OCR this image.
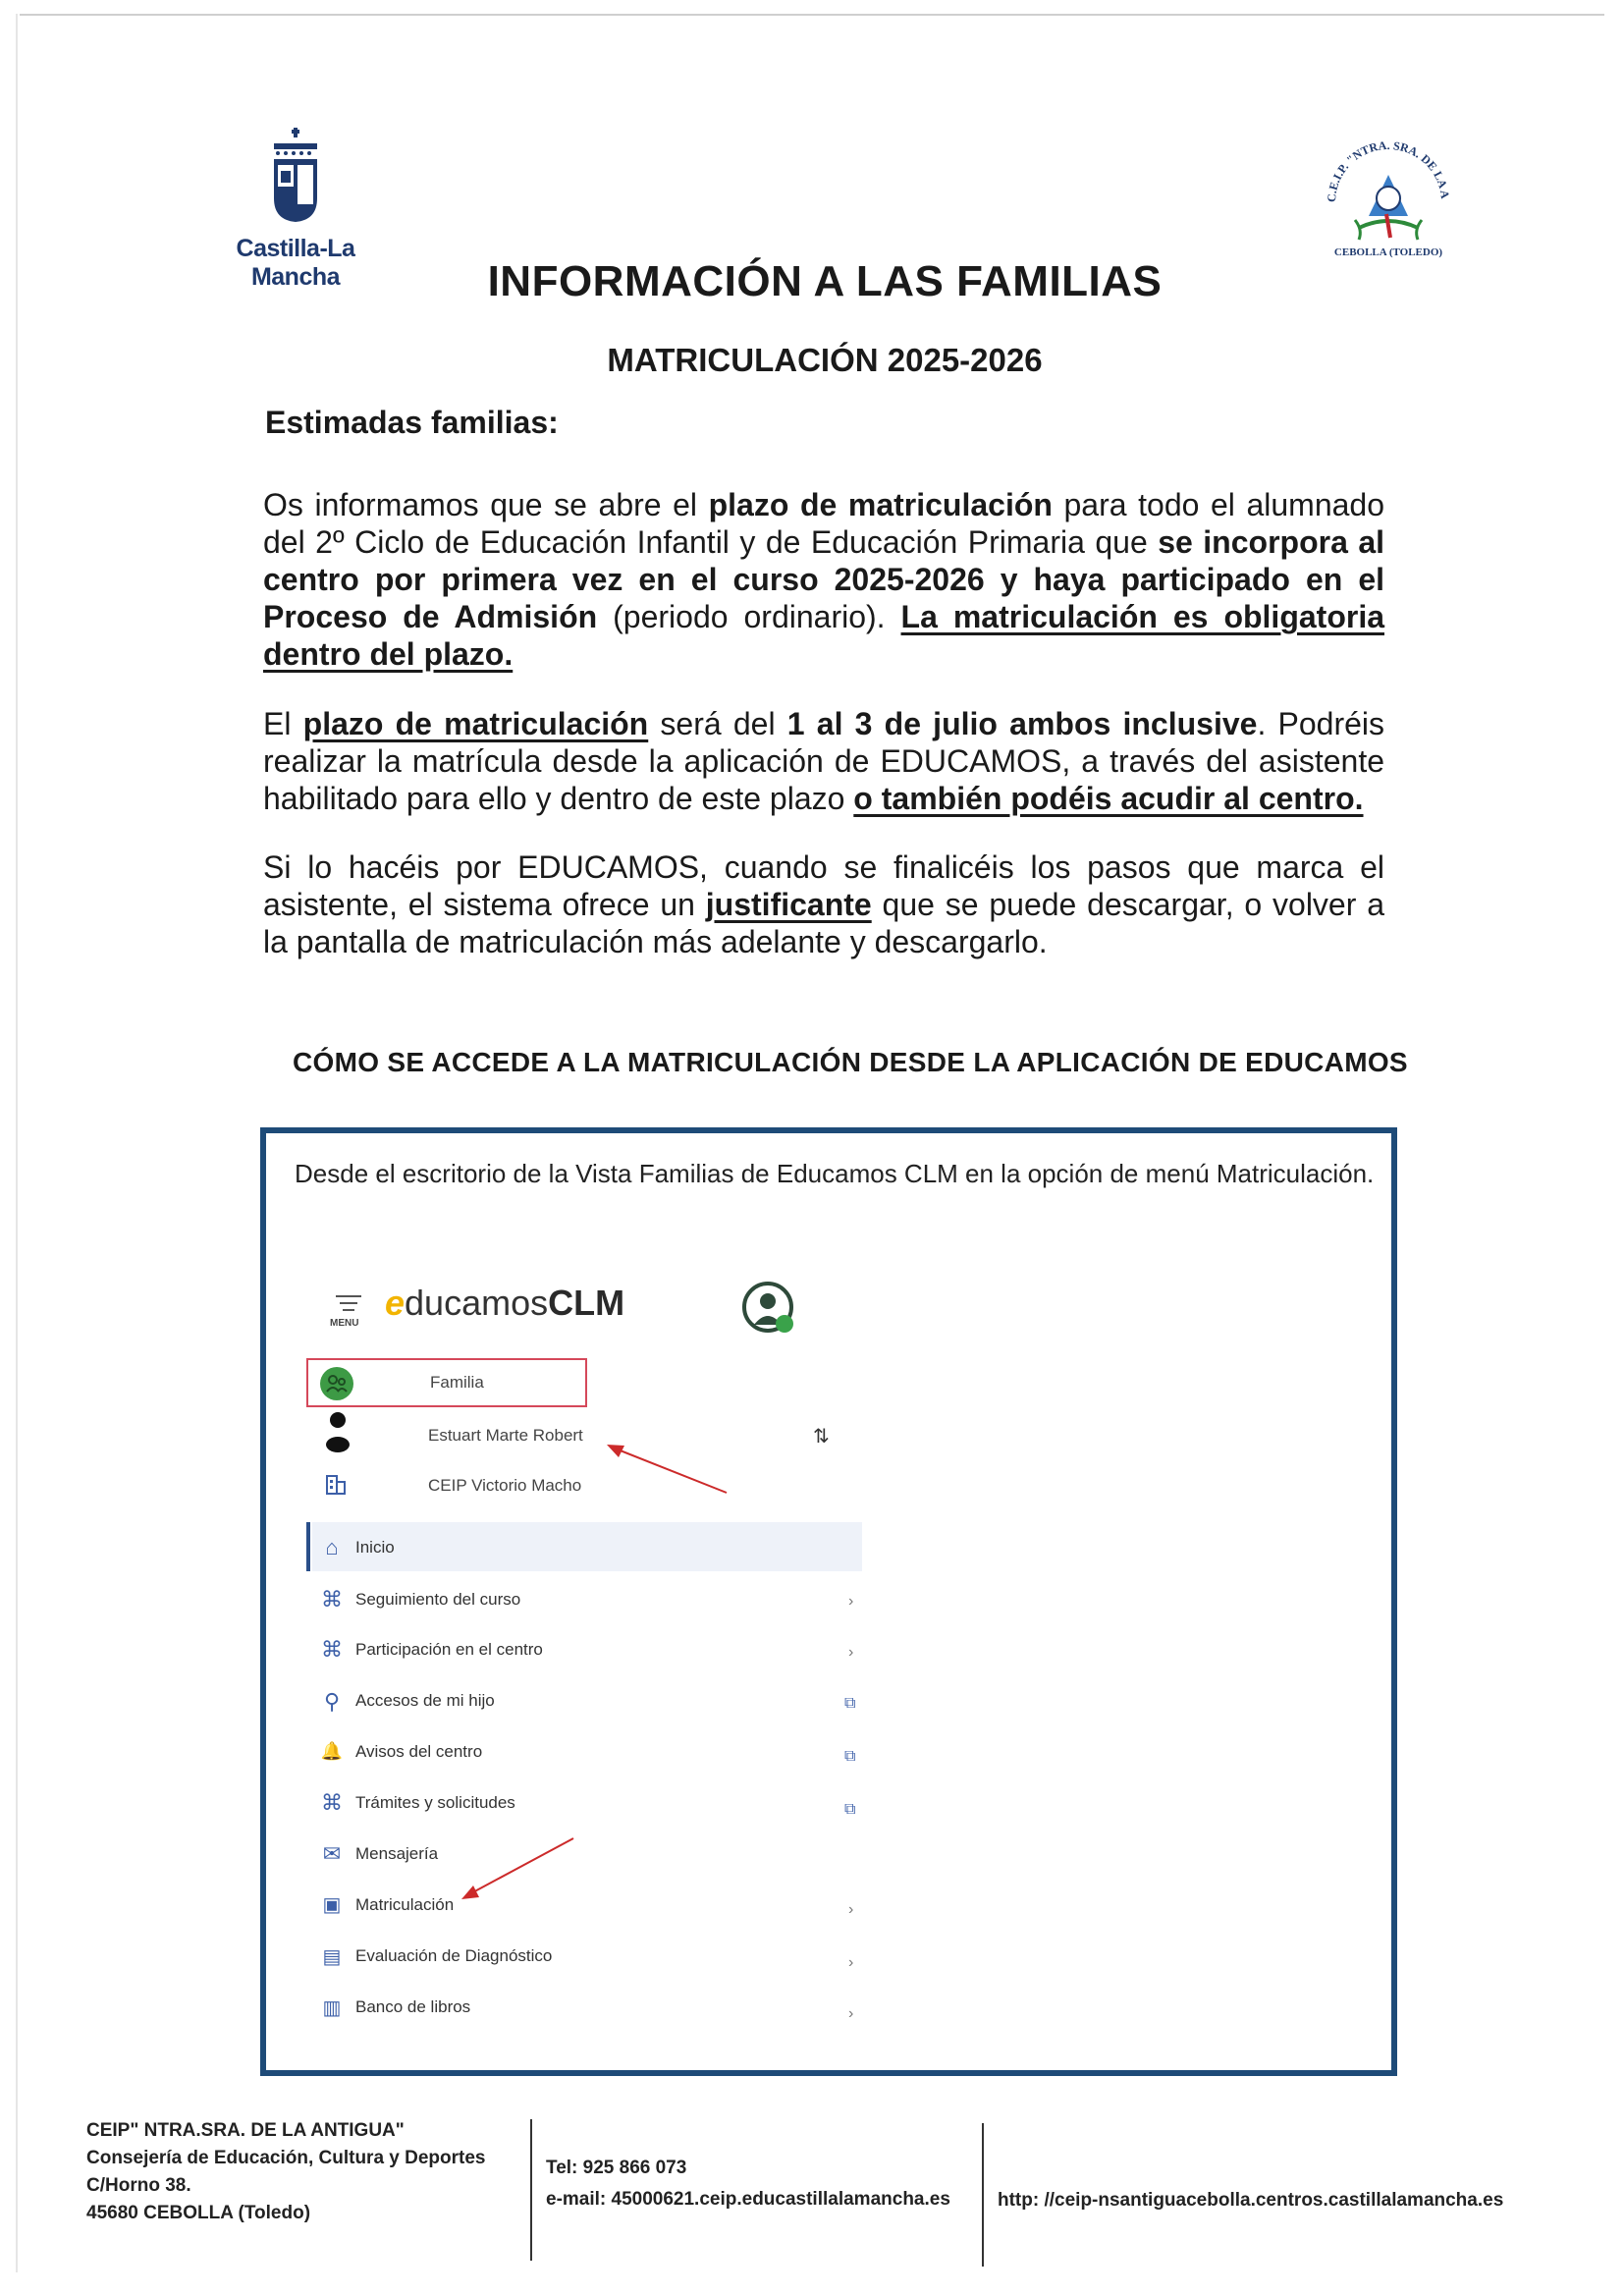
Castilla-La Mancha
C.E.I.P. "NTRA. SRA. DE LA A
CEBOLLA (TOLEDO)
INFORMACIÓN A LAS FAMILIAS
MATRICULACIÓN 2025-2026
Estimadas familias:
Os informamos que se abre el plazo de matriculación para todo el alumnado del 2º Ciclo de Educación Infantil y de Educación Primaria que se incorpora al centro por primera vez en el curso 2025-2026 y haya participado en el Proceso de Admisión (periodo ordinario). La matriculación es obligatoria dentro del plazo.
El plazo de matriculación será del 1 al 3 de julio ambos inclusive. Podréis realizar la matrícula desde la aplicación de EDUCAMOS, a través del asistente habilitado para ello y dentro de este plazo o también podéis acudir al centro.
Si lo hacéis por EDUCAMOS, cuando se finalicéis los pasos que marca el asistente, el sistema ofrece un justificante que se puede descargar, o volver a la pantalla de matriculación más adelante y descargarlo.
CÓMO SE ACCEDE A LA MATRICULACIÓN DESDE LA APLICACIÓN DE EDUCAMOS
Desde el escritorio de la Vista Familias de Educamos CLM en la opción de menú Matriculación.
MENU
educamosCLM
Familia
Estuart Marte Robert	⇅
CEIP Victorio Macho
⌂	Inicio
⌘ Seguimiento del curso	›
⌘ Participación en el centro	›
⚲ Accesos de mi hijo	⧉
🔔 Avisos del centro	⧉
⌘ Trámites y solicitudes	⧉
✉ Mensajería
▣ Matriculación	›
▤ Evaluación de Diagnóstico	›
▥ Banco de libros	›
CEIP" NTRA.SRA. DE LA ANTIGUA"
Consejería de Educación, Cultura y Deportes
C/Horno 38.
45680 CEBOLLA (Toledo)
Tel: 925 866 073
e-mail: 45000621.ceip.educastillalamancha.es	http: //ceip-nsantiguacebolla.centros.castillalamancha.es
